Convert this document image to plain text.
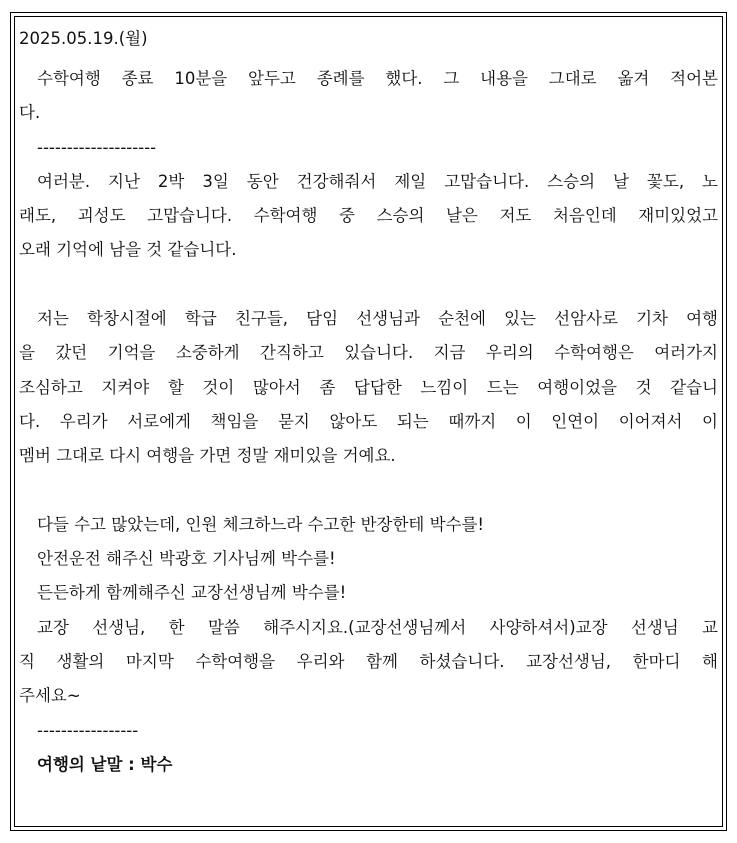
2025.05.19.(월)
수학여행 종료 10분을 앞두고 종례를 했다. 그 내용을 그대로 옮겨 적어본
다.
--------------------
여러분. 지난 2박 3일 동안 건강해줘서 제일 고맙습니다. 스승의 날 꽃도, 노
래도, 괴성도 고맙습니다. 수학여행 중 스승의 날은 저도 처음인데 재미있었고
오래 기억에 남을 것 같습니다.
저는 학창시절에 학급 친구들, 담임 선생님과 순천에 있는 선암사로 기차 여행
을 갔던 기억을 소중하게 간직하고 있습니다. 지금 우리의 수학여행은 여러가지
조심하고 지켜야 할 것이 많아서 좀 답답한 느낌이 드는 여행이었을 것 같습니
다. 우리가 서로에게 책임을 묻지 않아도 되는 때까지 이 인연이 이어져서 이
멤버 그대로 다시 여행을 가면 정말 재미있을 거예요.
다들 수고 많았는데, 인원 체크하느라 수고한 반장한테 박수를!
안전운전 해주신 박광호 기사님께 박수를!
든든하게 함께해주신 교장선생님께 박수를!
교장 선생님, 한 말씀 해주시지요.(교장선생님께서 사양하셔서)교장 선생님 교
직 생활의 마지막 수학여행을 우리와 함께 하셨습니다. 교장선생님, 한마디 해
주세요~
-----------------
여행의 낱말 : 박수
